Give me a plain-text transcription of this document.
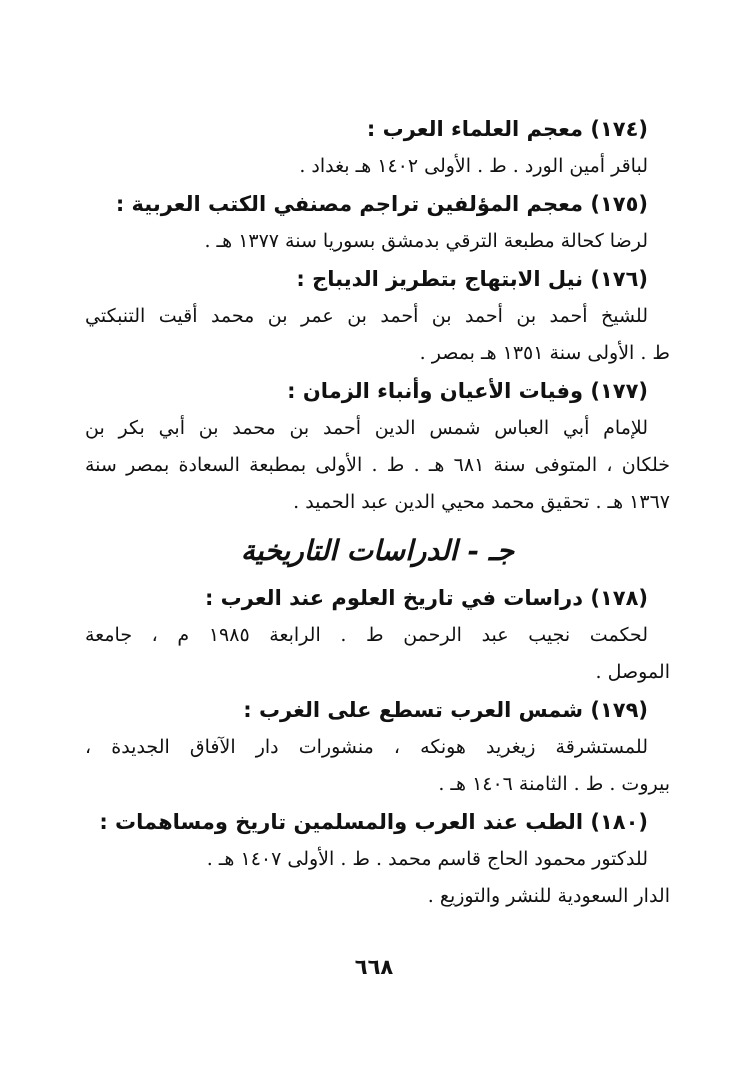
(١٧٤) معجم العلماء العرب :
لباقر أمين الورد . ط . الأولى ١٤٠٢ هـ بغداد .
(١٧٥) معجم المؤلفين تراجم مصنفي الكتب العربية :
لرضا كحالة مطبعة الترقي بدمشق بسوريا سنة ١٣٧٧ هـ .
(١٧٦) نيل الابتهاج بتطريز الديباج :
للشيخ أحمد بن أحمد بن أحمد بن عمر بن محمد أقيت التنبكتي
ط . الأولى سنة ١٣٥١ هـ بمصر .
(١٧٧) وفيات الأعيان وأنباء الزمان :
للإمام أبي العباس شمس الدين أحمد بن محمد بن أبي بكر بن
خلكان ، المتوفى سنة ٦٨١ هـ . ط . الأولى بمطبعة السعادة بمصر سنة
١٣٦٧ هـ . تحقيق محمد محيي الدين عبد الحميد .
جـ - الدراسات التاريخية
(١٧٨) دراسات في تاريخ العلوم عند العرب :
لحكمت نجيب عبد الرحمن ط . الرابعة ١٩٨٥ م ، جامعة
الموصل .
(١٧٩) شمس العرب تسطع على الغرب :
للمستشرقة زيغريد هونكه ، منشورات دار الآفاق الجديدة ،
بيروت . ط . الثامنة ١٤٠٦ هـ .
(١٨٠) الطب عند العرب والمسلمين تاريخ ومساهمات :
للدكتور محمود الحاج قاسم محمد . ط . الأولى ١٤٠٧ هـ .
الدار السعودية للنشر والتوزيع .
٦٦٨
